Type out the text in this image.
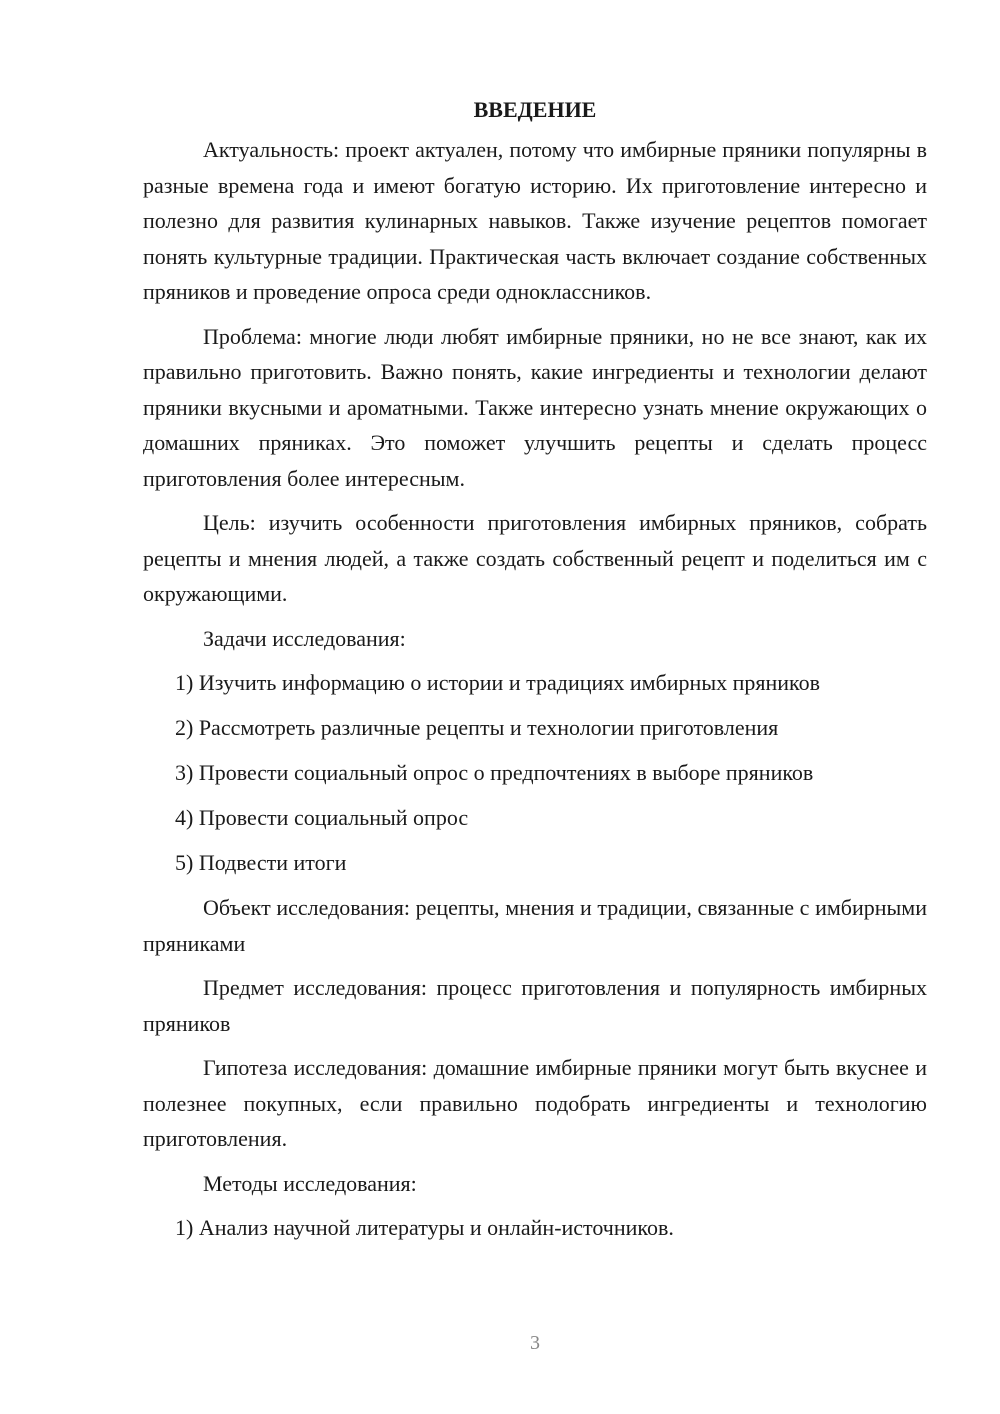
ВВЕДЕНИЕ

Актуальность: проект актуален, потому что имбирные пряники популярны в разные времена года и имеют богатую историю. Их приготовление интересно и полезно для развития кулинарных навыков. Также изучение рецептов помогает понять культурные традиции. Практическая часть включает создание собственных пряников и проведение опроса среди одноклассников.

Проблема: многие люди любят имбирные пряники, но не все знают, как их правильно приготовить. Важно понять, какие ингредиенты и технологии делают пряники вкусными и ароматными. Также интересно узнать мнение окружающих о домашних пряниках. Это поможет улучшить рецепты и сделать процесс приготовления более интересным.

Цель: изучить особенности приготовления имбирных пряников, собрать рецепты и мнения людей, а также создать собственный рецепт и поделиться им с окружающими.

Задачи исследования:

1) Изучить информацию о истории и традициях имбирных пряников

2) Рассмотреть различные рецепты и технологии приготовления

3) Провести социальный опрос о предпочтениях в выборе пряников

4) Провести социальный опрос

5) Подвести итоги

Объект исследования: рецепты, мнения и традиции, связанные с имбирными пряниками

Предмет исследования: процесс приготовления и популярность имбирных пряников

Гипотеза исследования: домашние имбирные пряники могут быть вкуснее и полезнее покупных, если правильно подобрать ингредиенты и технологию приготовления.

Методы исследования:

1) Анализ научной литературы и онлайн-источников.

3
